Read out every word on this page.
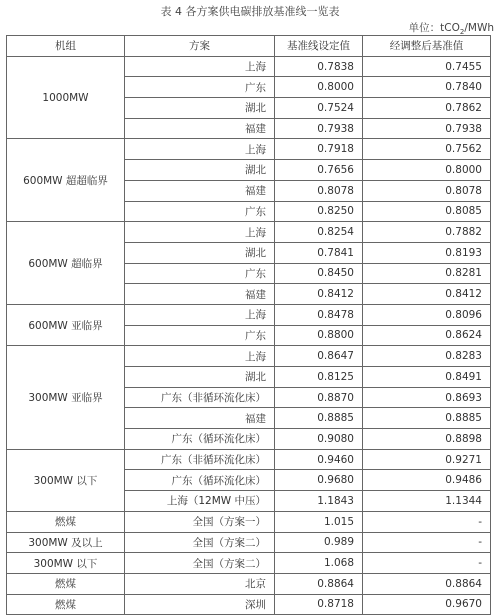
表 4 各方案供电碳排放基准线一览表
单位：tCO$_2$/MWh
机组	方案	基准线设定值	经调整后基准值
1000MW	上海	0.7838	0.7455
	广东	0.8000	0.7840
	湖北	0.7524	0.7862
	福建	0.7938	0.7938
600MW 超超临界	上海	0.7918	0.7562
	湖北	0.7656	0.8000
	福建	0.8078	0.8078
	广东	0.8250	0.8085
600MW 超临界	上海	0.8254	0.7882
	湖北	0.7841	0.8193
	广东	0.8450	0.8281
	福建	0.8412	0.8412
600MW 亚临界	上海	0.8478	0.8096
	广东	0.8800	0.8624
300MW 亚临界	上海	0.8647	0.8283
	湖北	0.8125	0.8491
	广东（非循环流化床）	0.8870	0.8693
	福建	0.8885	0.8885
	广东（循环流化床）	0.9080	0.8898
300MW 以下	广东（非循环流化床）	0.9460	0.9271
	广东（循环流化床）	0.9680	0.9486
	上海（12MW 中压）	1.1843	1.1344
燃煤	全国（方案一）	1.015	-
300MW 及以上	全国（方案二）	0.989	-
300MW 以下	全国（方案二）	1.068	-
燃煤	北京	0.8864	0.8864
燃煤	深圳	0.8718	0.9670
